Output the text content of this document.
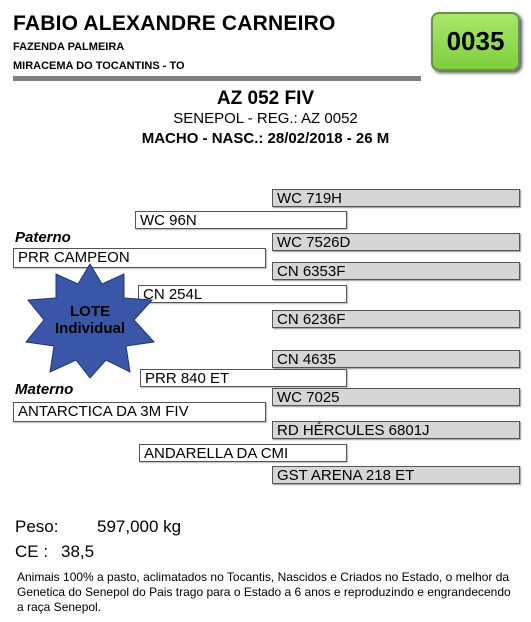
FABIO ALEXANDRE CARNEIRO
FAZENDA PALMEIRA
MIRACEMA DO TOCANTINS - TO
0035
AZ 052 FIV
SENEPOL - REG.: AZ 0052
MACHO - NASC.: 28/02/2018 - 26 M
WC 719H
WC 96N
Paterno	WC 7526D
PRR CAMPEON
CN 6353F
CN 254L
CN 6236F
LOTE
Individual
CN 4635
PRR 840 ET
Materno	WC 7025
ANTARCTICA DA 3M FIV
RD HÉRCULES 6801J
ANDARELLA DA CMI
GST ARENA 218 ET
Peso: 597,000 kg
CE : 38,5
Animais 100% a pasto, aclimatados no Tocantis, Nascidos e Criados no Estado, o melhor da Genetica do Senepol do Pais trago para o Estado a 6 anos e reproduzindo e engrandecendo a raça Senepol.
